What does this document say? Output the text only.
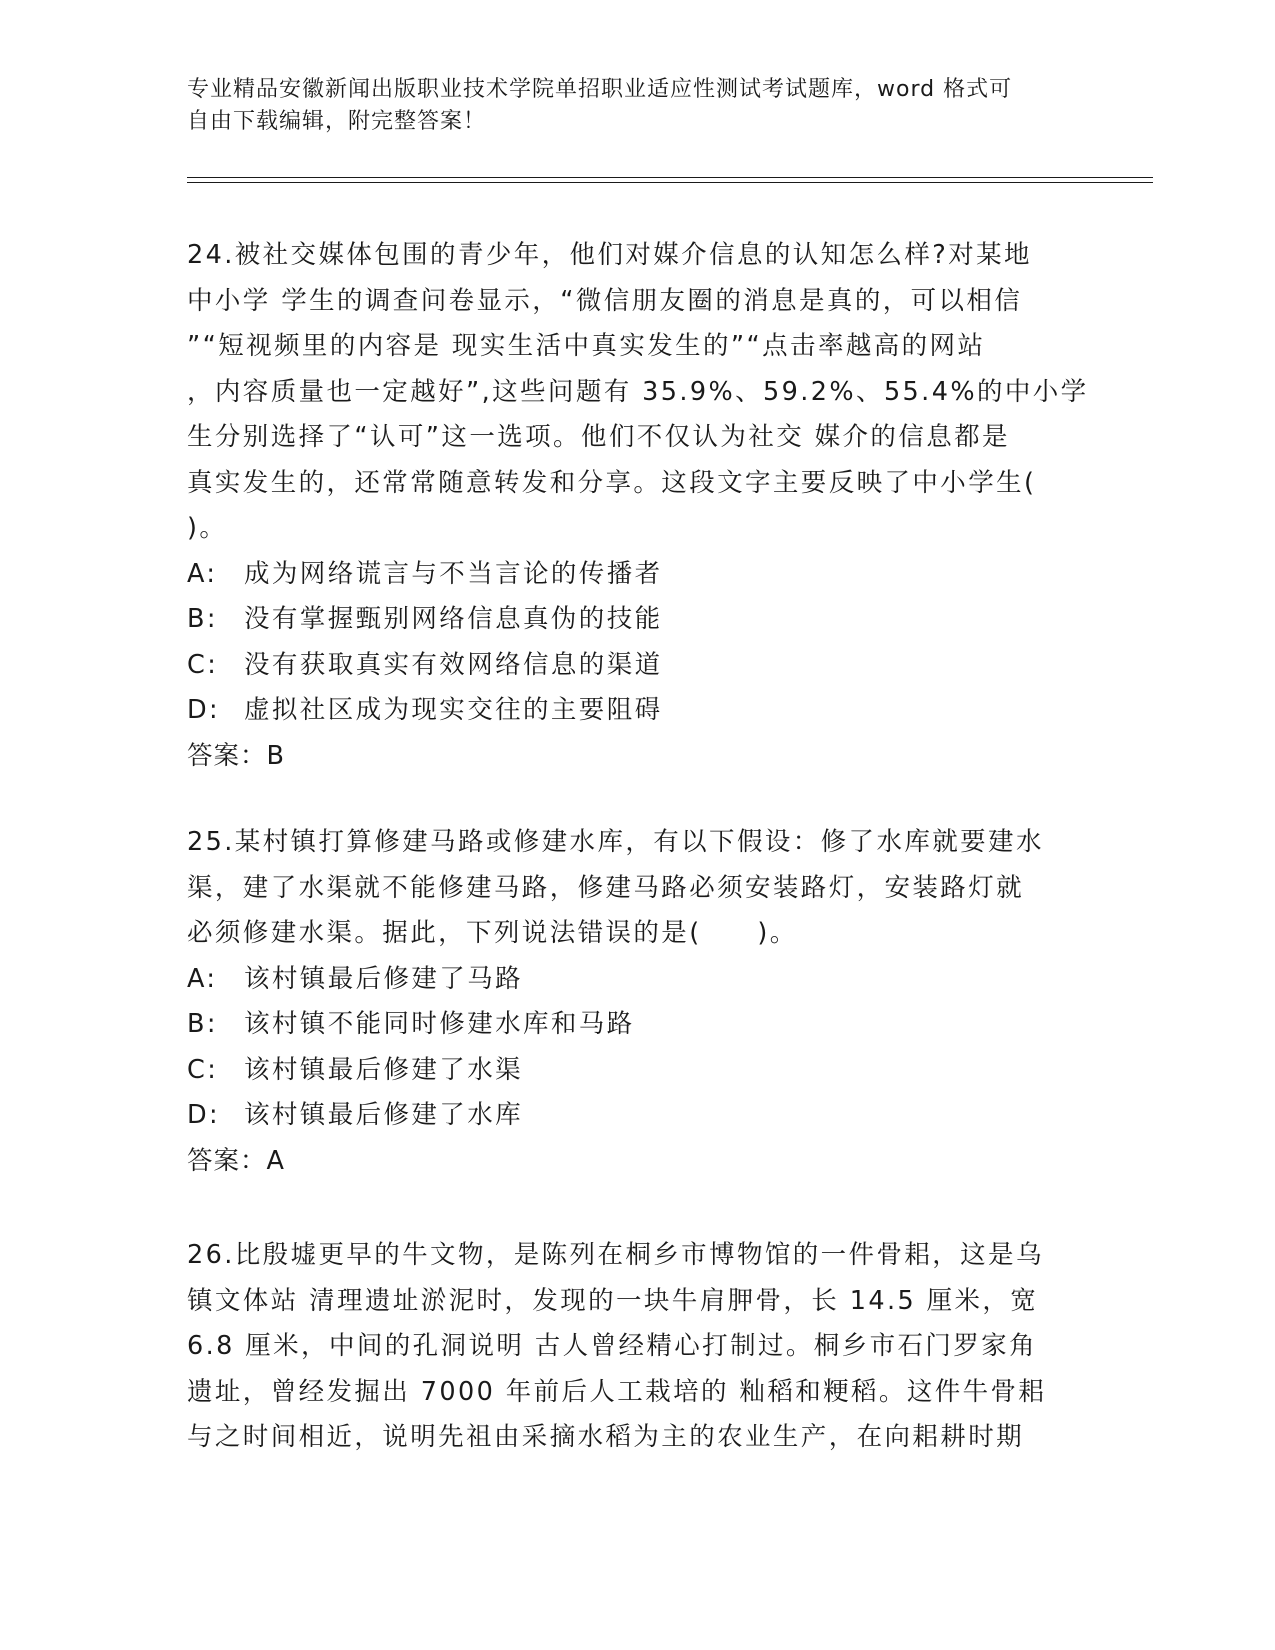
专业精品安徽新闻出版职业技术学院单招职业适应性测试考试题库，word 格式可
自由下载编辑，附完整答案！
24.被社交媒体包围的青少年，他们对媒介信息的认知怎么样?对某地
中小学 学生的调查问卷显示，“微信朋友圈的消息是真的，可以相信
”“短视频里的内容是 现实生活中真实发生的”“点击率越高的网站
，内容质量也一定越好”,这些问题有 35.9%、59.2%、55.4%的中小学
生分别选择了“认可”这一选项。他们不仅认为社交 媒介的信息都是
真实发生的，还常常随意转发和分享。这段文字主要反映了中小学生(
)。
A: 成为网络谎言与不当言论的传播者
B: 没有掌握甄别网络信息真伪的技能
C: 没有获取真实有效网络信息的渠道
D: 虚拟社区成为现实交往的主要阻碍
答案：B
25.某村镇打算修建马路或修建水库，有以下假设：修了水库就要建水
渠，建了水渠就不能修建马路，修建马路必须安装路灯，安装路灯就
必须修建水渠。据此，下列说法错误的是(　　)。
A: 该村镇最后修建了马路
B: 该村镇不能同时修建水库和马路
C: 该村镇最后修建了水渠
D: 该村镇最后修建了水库
答案：A
26.比殷墟更早的牛文物，是陈列在桐乡市博物馆的一件骨耜，这是乌
镇文体站 清理遗址淤泥时，发现的一块牛肩胛骨，长 14.5 厘米，宽
6.8 厘米，中间的孔洞说明 古人曾经精心打制过。桐乡市石门罗家角
遗址，曾经发掘出 7000 年前后人工栽培的 籼稻和粳稻。这件牛骨耜
与之时间相近，说明先祖由采摘水稻为主的农业生产，在向耜耕时期
